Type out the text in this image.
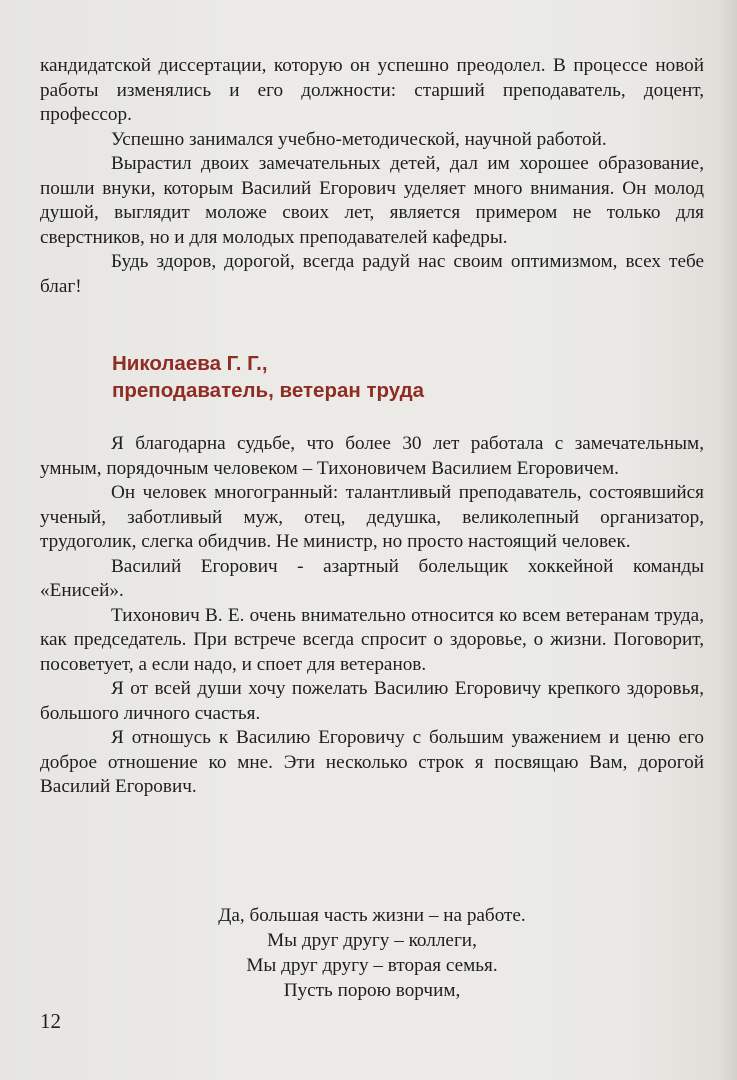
кандидатской диссертации, которую он успешно преодолел. В процессе новой работы изменялись и его должности: старший преподаватель, доцент, профессор.

Успешно занимался учебно-методической, научной работой.

Вырастил двоих замечательных детей, дал им хорошее образование, пошли внуки, которым Василий Егорович уделяет много внимания. Он молод душой, выглядит моложе своих лет, является примером не только для сверстников, но и для молодых преподавателей кафедры.

Будь здоров, дорогой, всегда радуй нас своим оптимизмом, всех тебе благ!

Николаева Г. Г.,
преподаватель, ветеран труда

Я благодарна судьбе, что более 30 лет работала с замечательным, умным, порядочным человеком – Тихоновичем Василием Егоровичем.

Он человек многогранный: талантливый преподаватель, состоявшийся ученый, заботливый муж, отец, дедушка, великолепный организатор, трудоголик, слегка обидчив. Не министр, но просто настоящий человек.

Василий Егорович - азартный болельщик хоккейной команды «Енисей».

Тихонович В. Е. очень внимательно относится ко всем ветеранам труда, как председатель. При встрече всегда спросит о здоровье, о жизни. Поговорит, посоветует, а если надо, и споет для ветеранов.

Я от всей души хочу пожелать Василию Егоровичу крепкого здоровья, большого личного счастья.

Я отношусь к Василию Егоровичу с большим уважением и ценю его доброе отношение ко мне. Эти несколько строк я посвящаю Вам, дорогой Василий Егорович.

Да, большая часть жизни – на работе.
Мы друг другу – коллеги,
Мы друг другу – вторая семья.
Пусть порою ворчим,
12
